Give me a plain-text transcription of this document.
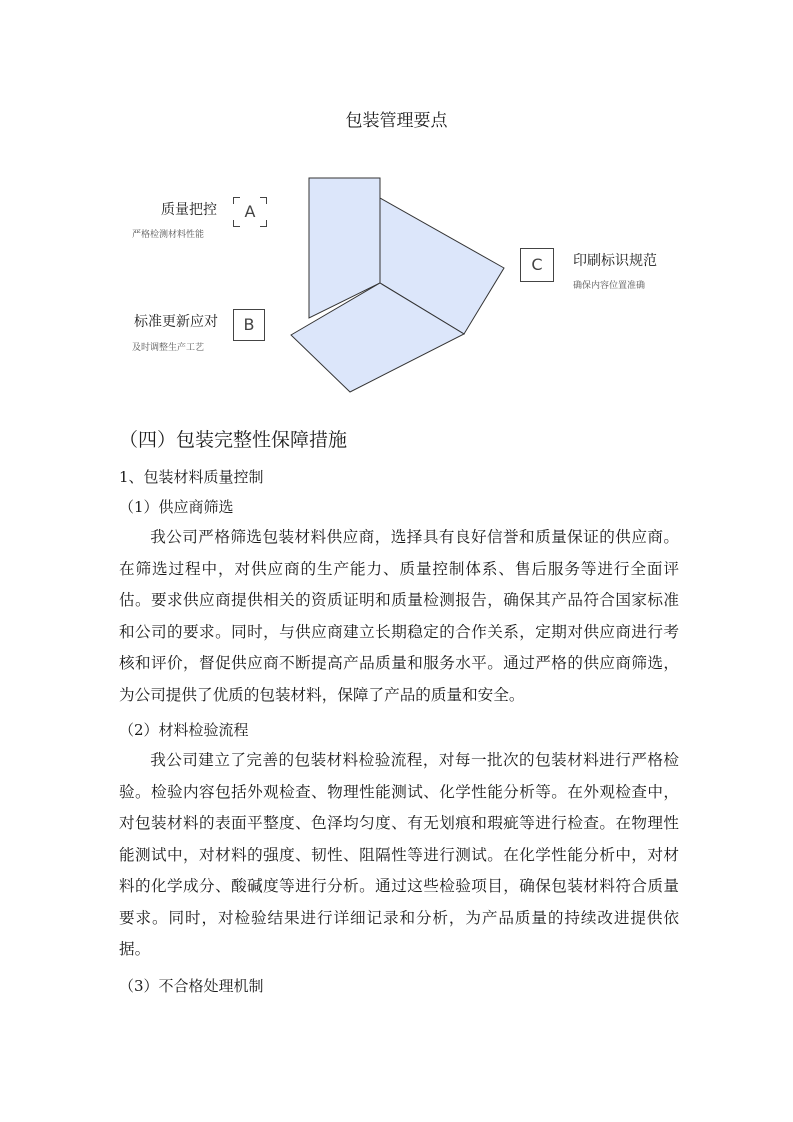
包装管理要点
质量把控
严格检测材料性能
A
标准更新应对
及时调整生产工艺
B
C	印刷标识规范
确保内容位置准确
（四）包装完整性保障措施
1、包装材料质量控制
（1）供应商筛选

我公司严格筛选包装材料供应商，选择具有良好信誉和质量保证的供应商。在筛选过程中，对供应商的生产能力、质量控制体系、售后服务等进行全面评估。要求供应商提供相关的资质证明和质量检测报告，确保其产品符合国家标准和公司的要求。同时，与供应商建立长期稳定的合作关系，定期对供应商进行考核和评价，督促供应商不断提高产品质量和服务水平。通过严格的供应商筛选，为公司提供了优质的包装材料，保障了产品的质量和安全。

（2）材料检验流程

我公司建立了完善的包装材料检验流程，对每一批次的包装材料进行严格检验。检验内容包括外观检查、物理性能测试、化学性能分析等。在外观检查中，对包装材料的表面平整度、色泽均匀度、有无划痕和瑕疵等进行检查。在物理性能测试中，对材料的强度、韧性、阻隔性等进行测试。在化学性能分析中，对材料的化学成分、酸碱度等进行分析。通过这些检验项目，确保包装材料符合质量要求。同时，对检验结果进行详细记录和分析，为产品质量的持续改进提供依据。

（3）不合格处理机制
